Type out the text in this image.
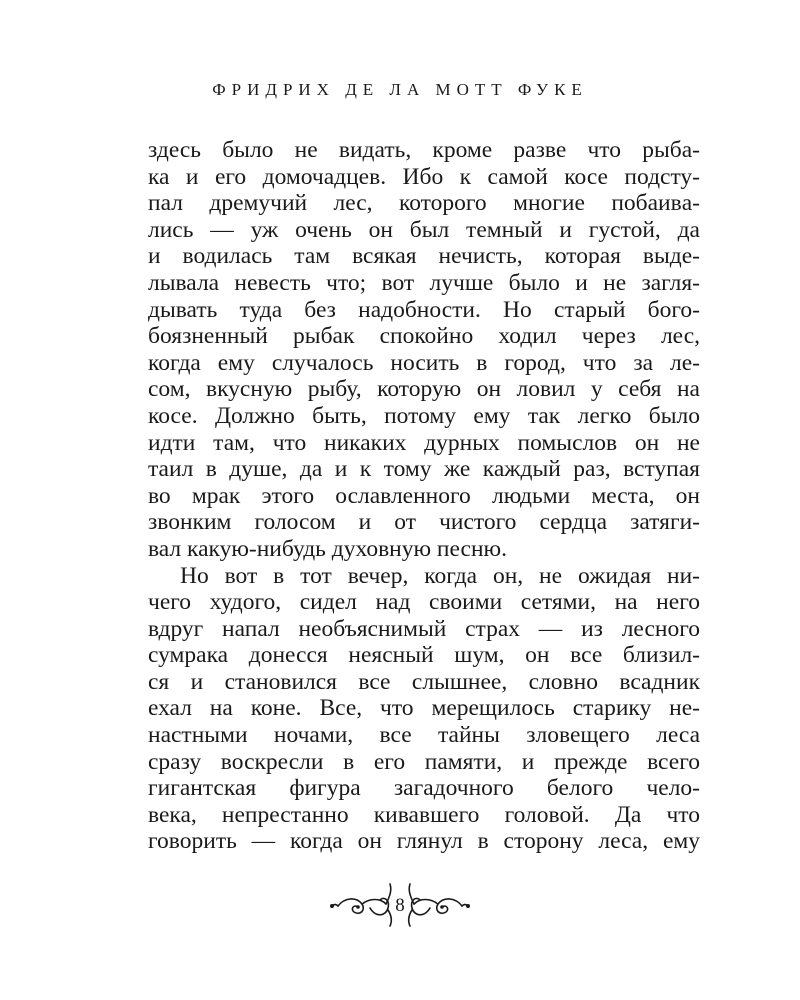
ФРИДРИХ ДЕ ЛА МОТТ ФУКЕ
здесь было не видать, кроме разве что рыба-
ка и его домочадцев. Ибо к самой косе подсту-
пал дремучий лес, которого многие побаивa-
лись — уж очень он был темный и густой, да
и водилась там всякая нечисть, которая выде-
лывала невесть что; вот лучше было и не загля-
дывать туда без надобности. Но старый бого-
боязненный рыбак спокойно ходил через лес,
когда ему случалось носить в город, что за ле-
сом, вкусную рыбу, которую он ловил у себя на
косе. Должно быть, потому ему так легко было
идти там, что никаких дурных помыслов он не
таил в душе, да и к тому же каждый раз, вступая
во мрак этого ославленного людьми места, он
звонким голосом и от чистого сердца затяги-
вал какую-нибудь духовную песню.
Но вот в тот вечер, когда он, не ожидая ни-
чего худого, сидел над своими сетями, на него
вдруг напал необъяснимый страх — из лесного
сумрака донесся неясный шум, он все близил-
ся и становился все слышнее, словно всадник
ехал на коне. Все, что мерещилось старику не-
настными ночами, все тайны зловещего леса
сразу воскресли в его памяти, и прежде всего
гигантская фигура загадочного белого чело-
века, непрестанно кивавшего головой. Да что
говорить — когда он глянул в сторону леса, ему
8
